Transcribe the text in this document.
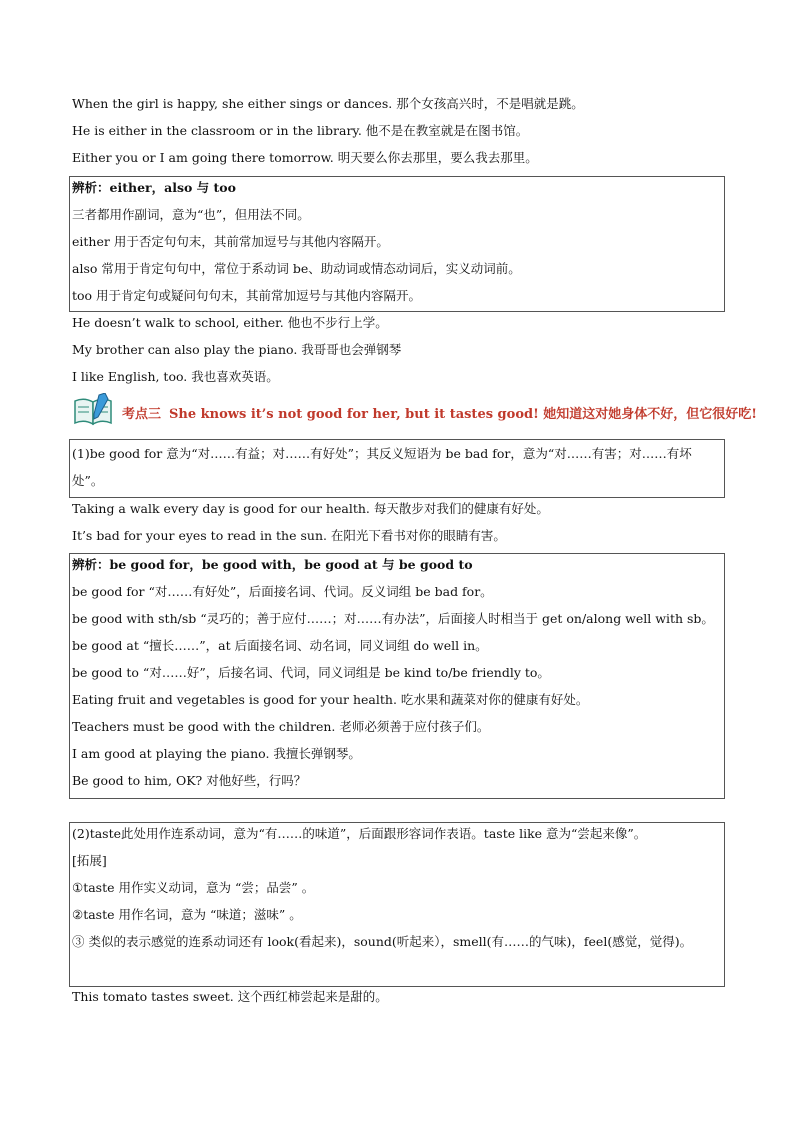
When the girl is happy, she either sings or dances. 那个女孩高兴时，不是唱就是跳。
He is either in the classroom or in the library. 他不是在教室就是在图书馆。
Either you or I am going there tomorrow. 明天要么你去那里，要么我去那里。
辨析：either，also 与 too
三者都用作副词，意为“也”，但用法不同。
either 用于否定句句末，其前常加逗号与其他内容隔开。
also 常用于肯定句句中，常位于系动词 be、助动词或情态动词后，实义动词前。
too 用于肯定句或疑问句句末，其前常加逗号与其他内容隔开。
He doesn’t walk to school, either. 他也不步行上学。
My brother can also play the piano. 我哥哥也会弹钢琴
I like English, too. 我也喜欢英语。
考点三 She knows it’s not good for her, but it tastes good! 她知道这对她身体不好，但它很好吃!
(1)be good for 意为“对……有益；对……有好处”；其反义短语为 be bad for，意为“对……有害；对……有坏处”。
Taking a walk every day is good for our health. 每天散步对我们的健康有好处。
It’s bad for your eyes to read in the sun. 在阳光下看书对你的眼睛有害。
辨析：be good for，be good with，be good at 与 be good to
be good for “对……有好处”，后面接名词、代词。反义词组 be bad for。
be good with sth/sb “灵巧的；善于应付……；对……有办法”，后面接人时相当于 get on/along well with sb。
be good at “擅长……”，at 后面接名词、动名词，同义词组 do well in。
be good to “对……好”，后接名词、代词，同义词组是 be kind to/be friendly to。
Eating fruit and vegetables is good for your health. 吃水果和蔬菜对你的健康有好处。
Teachers must be good with the children. 老师必须善于应付孩子们。
I am good at playing the piano. 我擅长弹钢琴。
Be good to him, OK? 对他好些，行吗？
(2)taste此处用作连系动词，意为“有……的味道”，后面跟形容词作表语。taste like 意为“尝起来像”。
[拓展]
①taste 用作实义动词，意为 “尝；品尝” 。
②taste 用作名词，意为 “味道；滋味” 。
③ 类似的表示感觉的连系动词还有 look(看起来)，sound(听起来），smell(有……的气味)，feel(感觉，觉得)。
This tomato tastes sweet. 这个西红柿尝起来是甜的。
